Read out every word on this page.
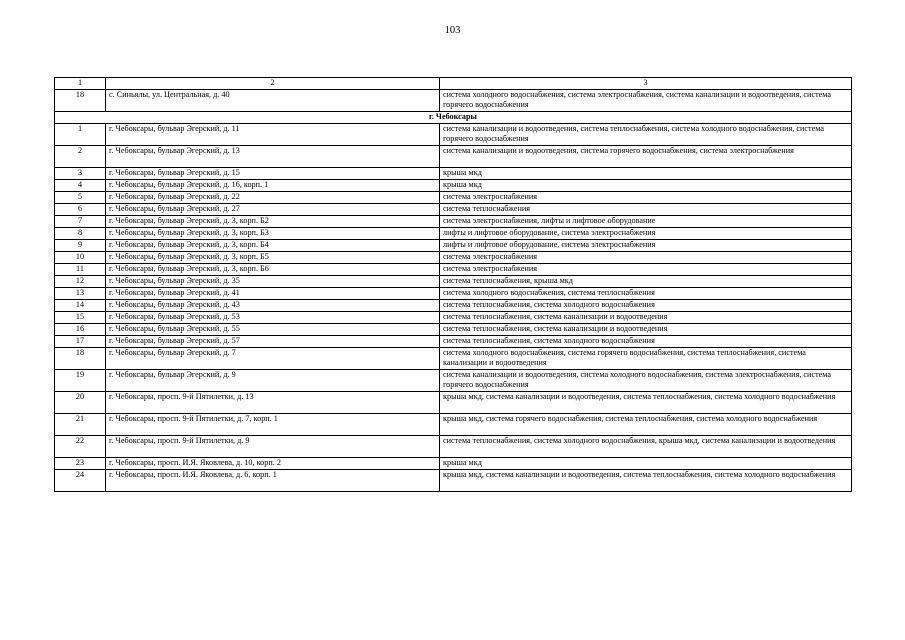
103
1	2	3
18	с. Синьялы, ул. Центральная, д. 40	система холодного водоснабжения, система электроснабжения, система канализации и водоотведения, система горячего водоснабжения
г. Чебоксары		
1	г. Чебоксары, бульвар Эгерский, д. 11	система канализации и водоотведения, система теплоснабжения, система холодного водоснабжения, система горячего водоснабжения
2	г. Чебоксары, бульвар Эгерский, д. 13	система канализации и водоотведения, система горячего водоснабжения, система электроснабжения
3	г. Чебоксары, бульвар Эгерский, д. 15	крыша мкд
4	г. Чебоксары, бульвар Эгерский, д. 16, корп. 1	крыша мкд
5	г. Чебоксары, бульвар Эгерский, д. 22	система электроснабжения
6	г. Чебоксары, бульвар Эгерский, д. 27	система теплоснабжения
7	г. Чебоксары, бульвар Эгерский, д. 3, корп. Б2	система электроснабжения, лифты и лифтовое оборудование
8	г. Чебоксары, бульвар Эгерский, д. 3, корп. Б3	лифты и лифтовое оборудование, система электроснабжения
9	г. Чебоксары, бульвар Эгерский, д. 3, корп. Б4	лифты и лифтовое оборудование, система электроснабжения
10	г. Чебоксары, бульвар Эгерский, д. 3, корп. Б5	система электроснабжения
11	г. Чебоксары, бульвар Эгерский, д. 3, корп. Б6	система электроснабжения
12	г. Чебоксары, бульвар Эгерский, д. 35	система теплоснабжения, крыша мкд
13	г. Чебоксары, бульвар Эгерский, д. 41	система холодного водоснабжения, система теплоснабжения
14	г. Чебоксары, бульвар Эгерский, д. 43	система теплоснабжения, система холодного водоснабжения
15	г. Чебоксары, бульвар Эгерский, д. 53	система теплоснабжения, система канализации и водоотведения
16	г. Чебоксары, бульвар Эгерский, д. 55	система теплоснабжения, система канализации и водоотведения
17	г. Чебоксары, бульвар Эгерский, д. 57	система теплоснабжения, система холодного водоснабжения
18	г. Чебоксары, бульвар Эгерский, д. 7	система холодного водоснабжения, система горячего водоснабжения, система теплоснабжения, система канализации и водоотведения
19	г. Чебоксары, бульвар Эгерский, д. 9	система канализации и водоотведения, система холодного водоснабжения, система электроснабжения, система горячего водоснабжения
20	г. Чебоксары, просп. 9-й Пятилетки, д. 13	крыша мкд, система канализации и водоотведения, система теплоснабжения, система холодного водоснабжения
21	г. Чебоксары, просп. 9-й Пятилетки, д. 7, корп. 1	крыша мкд, система горячего водоснабжения, система теплоснабжения, система холодного водоснабжения
22	г. Чебоксары, просп. 9-й Пятилетки, д. 9	система теплоснабжения, система холодного водоснабжения, крыша мкд, система канализации и водоотведения
23	г. Чебоксары, просп. И.Я. Яковлева, д. 10, корп. 2	крыша мкд
24	г. Чебоксары, просп. И.Я. Яковлева, д. 6, корп. 1	крыша мкд, система канализации и водоотведения, система теплоснабжения, система холодного водоснабжения
